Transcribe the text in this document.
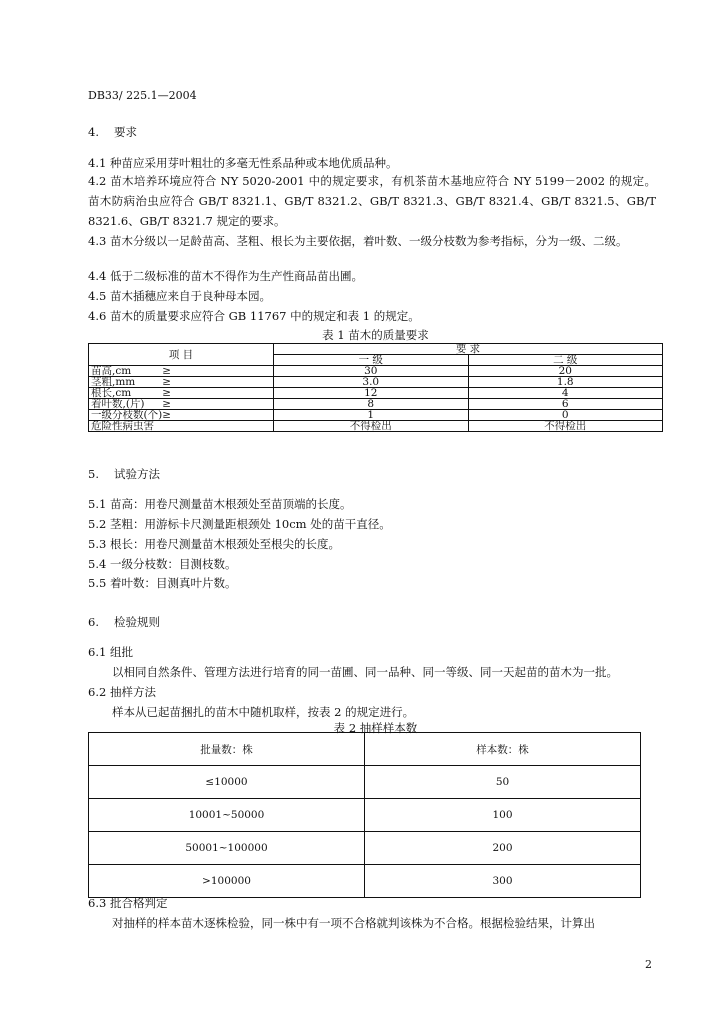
DB33/ 225.1—2004
4. 要求
4.1 种苗应采用芽叶粗壮的多毫无性系品种或本地优质品种。
4.2 苗木培养环境应符合 NY 5020-2001 中的规定要求，有机茶苗木基地应符合 NY 5199－2002 的规定。苗木防病治虫应符合 GB/T 8321.1、GB/T 8321.2、GB/T 8321.3、GB/T 8321.4、GB/T 8321.5、GB/T 8321.6、GB/T 8321.7 规定的要求。
4.3 苗木分级以一足龄苗高、茎粗、根长为主要依据，着叶数、一级分枝数为参考指标，分为一级、二级。
4.4 低于二级标准的苗木不得作为生产性商品苗出圃。
4.5 苗木插穗应来自于良种母本园。
4.6 苗木的质量要求应符合 GB 11767 中的规定和表 1 的规定。
表 1 苗木的质量要求
项 目	要 求	
	一 级	二 级
苗高,cm ≥	30	20
茎粗,mm ≥	3.0	1.8
根长,cm ≥	12	4
着叶数,(片) ≥	8	6
一级分枝数(个) ≥	1	0
危险性病虫害	不得检出	不得检出
5. 试验方法
5.1 苗高：用卷尺测量苗木根颈处至苗顶端的长度。
5.2 茎粗：用游标卡尺测量距根颈处 10cm 处的苗干直径。
5.3 根长：用卷尺测量苗木根颈处至根尖的长度。
5.4 一级分枝数：目测枝数。
5.5 着叶数：目测真叶片数。
6. 检验规则
6.1 组批
以相同自然条件、管理方法进行培育的同一苗圃、同一品种、同一等级、同一天起苗的苗木为一批。
6.2 抽样方法
样本从已起苗捆扎的苗木中随机取样，按表 2 的规定进行。
表 2 抽样样本数
批量数：株	样本数：株
≤10000	50
10001~50000	100
50001~100000	200
>100000	300
6.3 批合格判定
对抽样的样本苗木逐株检验，同一株中有一项不合格就判该株为不合格。根据检验结果，计算出
2
